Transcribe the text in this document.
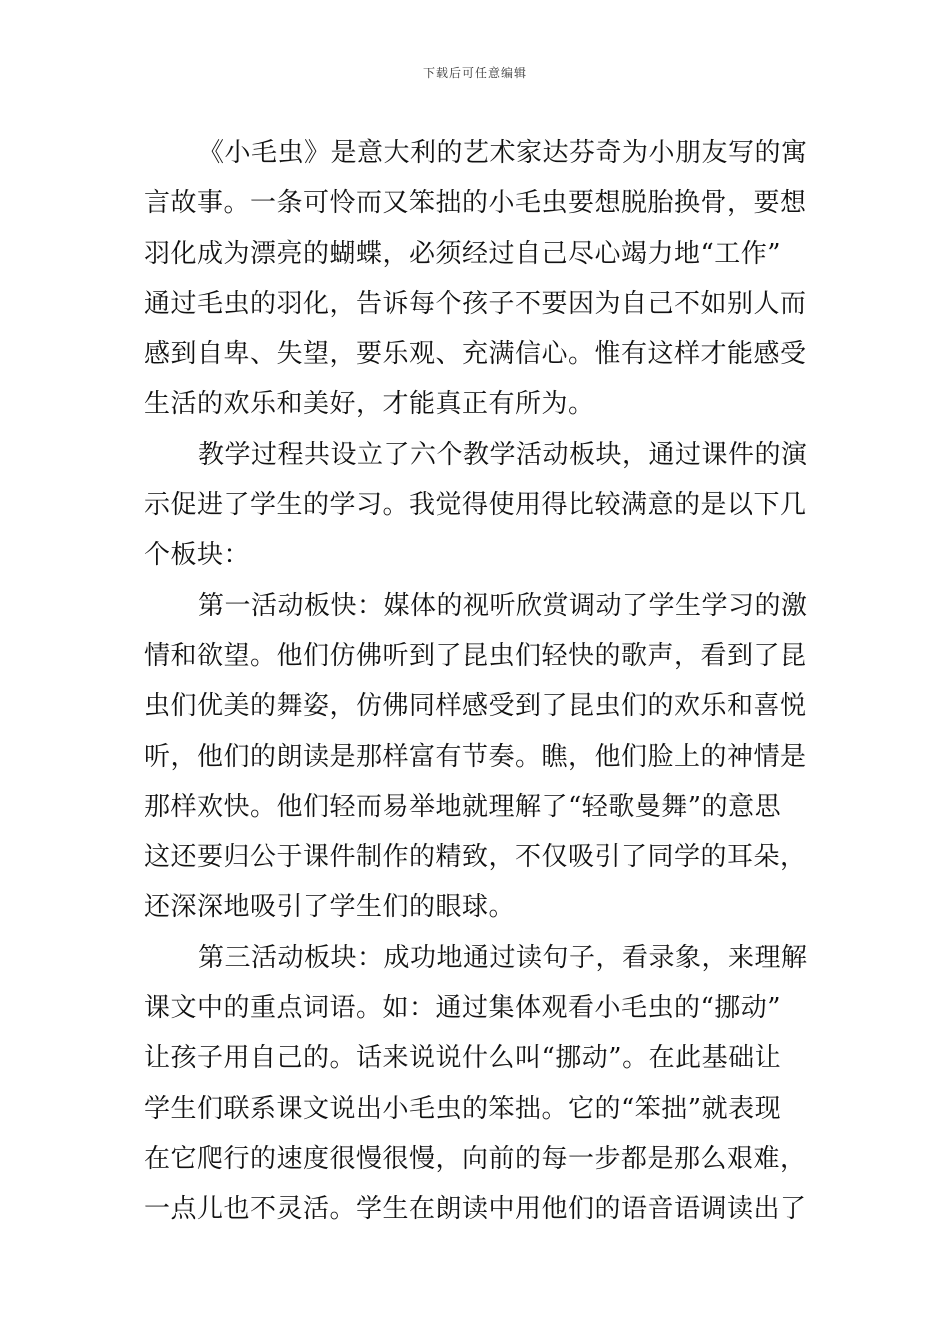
下载后可任意编辑
《小毛虫》是意大利的艺术家达芬奇为小朋友写的寓
言故事。一条可怜而又笨拙的小毛虫要想脱胎换骨，要想
羽化成为漂亮的蝴蝶，必须经过自己尽心竭力地“工作”
通过毛虫的羽化，告诉每个孩子不要因为自己不如别人而
感到自卑、失望，要乐观、充满信心。惟有这样才能感受
生活的欢乐和美好，才能真正有所为。
教学过程共设立了六个教学活动板块，通过课件的演
示促进了学生的学习。我觉得使用得比较满意的是以下几
个板块：
第一活动板快：媒体的视听欣赏调动了学生学习的激
情和欲望。他们仿佛听到了昆虫们轻快的歌声，看到了昆
虫们优美的舞姿，仿佛同样感受到了昆虫们的欢乐和喜悦
听，他们的朗读是那样富有节奏。瞧，他们脸上的神情是
那样欢快。他们轻而易举地就理解了“轻歌曼舞”的意思
这还要归公于课件制作的精致，不仅吸引了同学的耳朵，
还深深地吸引了学生们的眼球。
第三活动板块：成功地通过读句子，看录象，来理解
课文中的重点词语。如：通过集体观看小毛虫的“挪动”
让孩子用自己的。话来说说什么叫“挪动”。在此基础让
学生们联系课文说出小毛虫的笨拙。它的“笨拙”就表现
在它爬行的速度很慢很慢，向前的每一步都是那么艰难，
一点儿也不灵活。学生在朗读中用他们的语音语调读出了
